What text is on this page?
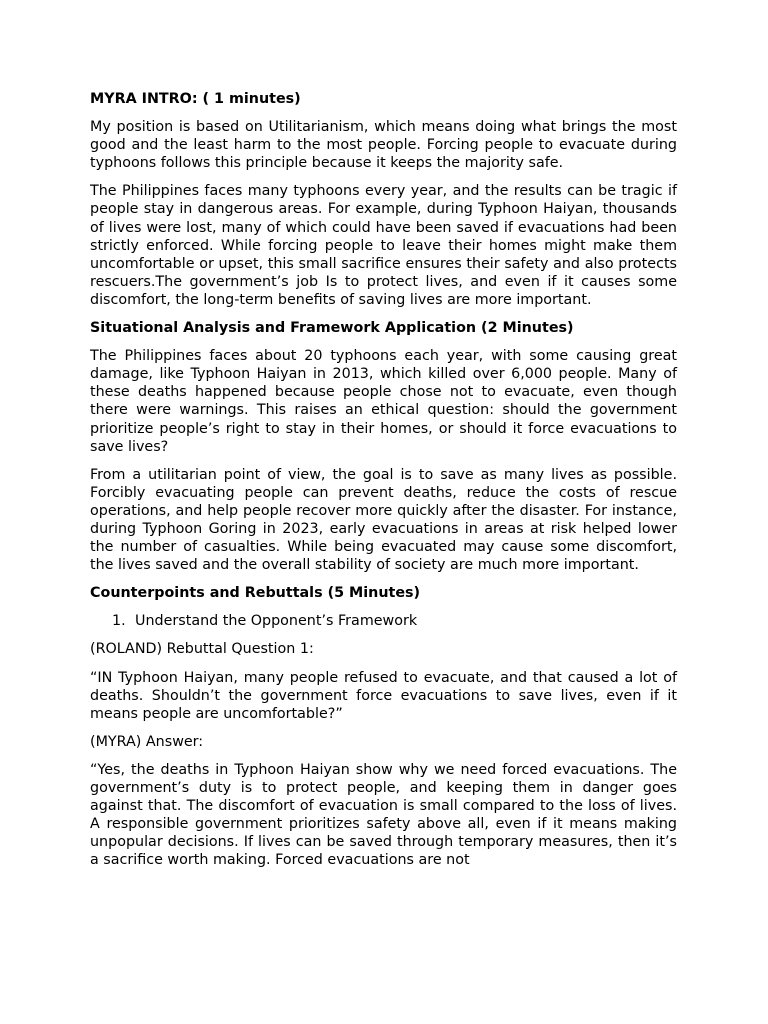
MYRA INTRO: ( 1 minutes)

My position is based on Utilitarianism, which means doing what brings the most good and the least harm to the most people. Forcing people to evacuate during typhoons follows this principle because it keeps the majority safe.

The Philippines faces many typhoons every year, and the results can be tragic if people stay in dangerous areas. For example, during Typhoon Haiyan, thousands of lives were lost, many of which could have been saved if evacuations had been strictly enforced. While forcing people to leave their homes might make them uncomfortable or upset, this small sacrifice ensures their safety and also protects rescuers.The government’s job Is to protect lives, and even if it causes some discomfort, the long-term benefits of saving lives are more important.

Situational Analysis and Framework Application (2 Minutes)

The Philippines faces about 20 typhoons each year, with some causing great damage, like Typhoon Haiyan in 2013, which killed over 6,000 people. Many of these deaths happened because people chose not to evacuate, even though there were warnings. This raises an ethical question: should the government prioritize people’s right to stay in their homes, or should it force evacuations to save lives?

From a utilitarian point of view, the goal is to save as many lives as possible. Forcibly evacuating people can prevent deaths, reduce the costs of rescue operations, and help people recover more quickly after the disaster. For instance, during Typhoon Goring in 2023, early evacuations in areas at risk helped lower the number of casualties. While being evacuated may cause some discomfort, the lives saved and the overall stability of society are much more important.

Counterpoints and Rebuttals (5 Minutes)

1. Understand the Opponent’s Framework

(ROLAND) Rebuttal Question 1:

“IN Typhoon Haiyan, many people refused to evacuate, and that caused a lot of deaths. Shouldn’t the government force evacuations to save lives, even if it means people are uncomfortable?”

(MYRA) Answer:

“Yes, the deaths in Typhoon Haiyan show why we need forced evacuations. The government’s duty is to protect people, and keeping them in danger goes against that. The discomfort of evacuation is small compared to the loss of lives. A responsible government prioritizes safety above all, even if it means making unpopular decisions. If lives can be saved through temporary measures, then it’s a sacrifice worth making. Forced evacuations are not
